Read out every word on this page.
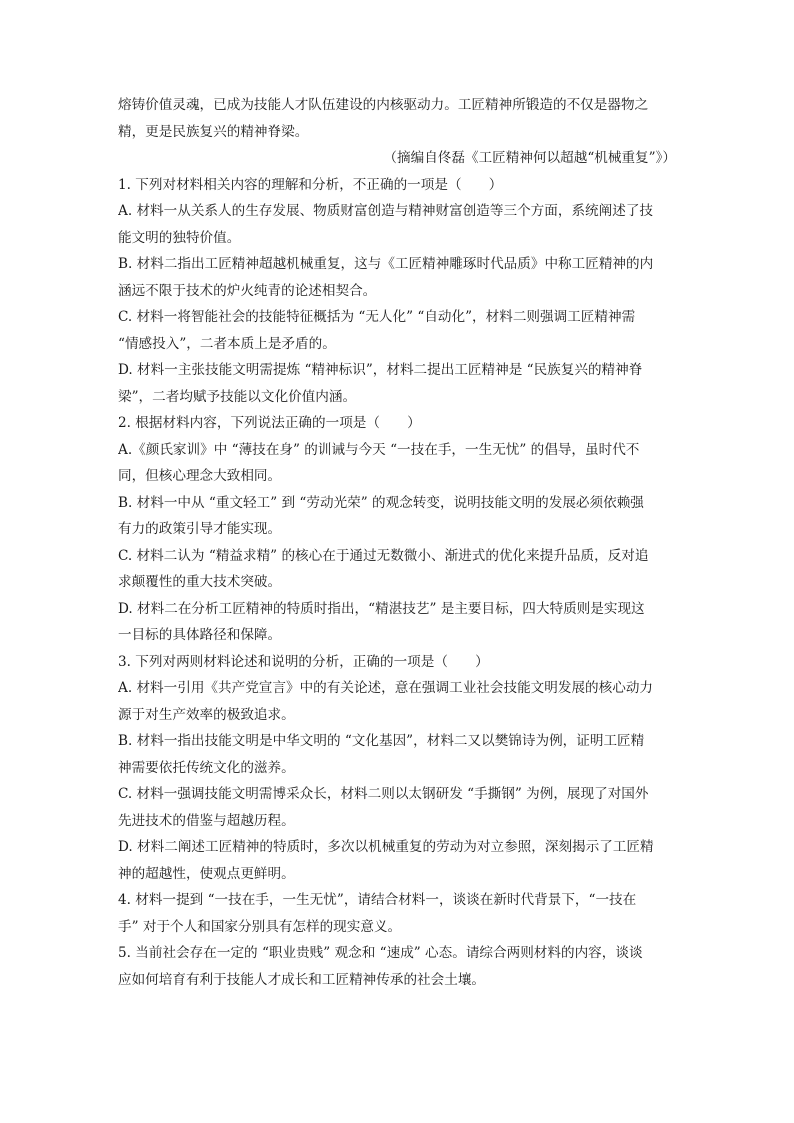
熔铸价值灵魂，已成为技能人才队伍建设的内核驱动力。工匠精神所锻造的不仅是器物之
精，更是民族复兴的精神脊梁。
（摘编自佟磊《工匠精神何以超越“机械重复”》）
1. 下列对材料相关内容的理解和分析，不正确的一项是（　　）
A. 材料一从关系人的生存发展、物质财富创造与精神财富创造等三个方面，系统阐述了技
能文明的独特价值。
B. 材料二指出工匠精神超越机械重复，这与《工匠精神雕琢时代品质》中称工匠精神的内
涵远不限于技术的炉火纯青的论述相契合。
C. 材料一将智能社会的技能特征概括为 “无人化” “自动化”，材料二则强调工匠精神需
“情感投入”，二者本质上是矛盾的。
D. 材料一主张技能文明需提炼 “精神标识”，材料二提出工匠精神是 “民族复兴的精神脊
梁”，二者均赋予技能以文化价值内涵。
2. 根据材料内容，下列说法正确的一项是（　　）
A.《颜氏家训》中 “薄技在身” 的训诫与今天 “一技在手，一生无忧” 的倡导，虽时代不
同，但核心理念大致相同。
B. 材料一中从 “重文轻工” 到 “劳动光荣” 的观念转变，说明技能文明的发展必须依赖强
有力的政策引导才能实现。
C. 材料二认为 “精益求精” 的核心在于通过无数微小、渐进式的优化来提升品质，反对追
求颠覆性的重大技术突破。
D. 材料二在分析工匠精神的特质时指出，“精湛技艺” 是主要目标，四大特质则是实现这
一目标的具体路径和保障。
3. 下列对两则材料论述和说明的分析，正确的一项是（　　）
A. 材料一引用《共产党宣言》中的有关论述，意在强调工业社会技能文明发展的核心动力
源于对生产效率的极致追求。
B. 材料一指出技能文明是中华文明的 “文化基因”，材料二又以樊锦诗为例，证明工匠精
神需要依托传统文化的滋养。
C. 材料一强调技能文明需博采众长，材料二则以太钢研发 “手撕钢” 为例，展现了对国外
先进技术的借鉴与超越历程。
D. 材料二阐述工匠精神的特质时，多次以机械重复的劳动为对立参照，深刻揭示了工匠精
神的超越性，使观点更鲜明。
4. 材料一提到 “一技在手，一生无忧”，请结合材料一，谈谈在新时代背景下，“一技在
手” 对于个人和国家分别具有怎样的现实意义。
5. 当前社会存在一定的 “职业贵贱” 观念和 “速成” 心态。请综合两则材料的内容，谈谈
应如何培育有利于技能人才成长和工匠精神传承的社会土壤。
